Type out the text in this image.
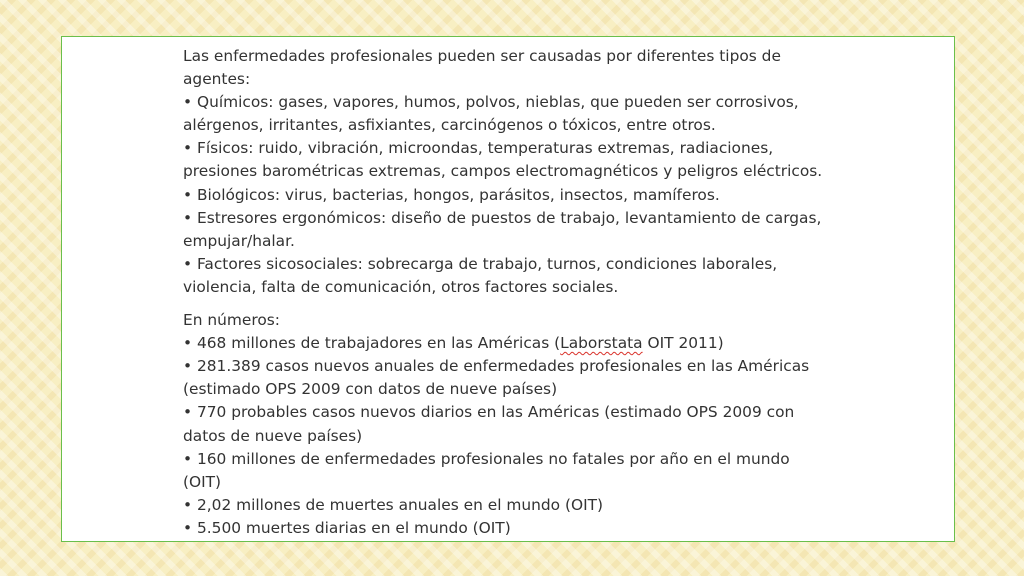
Las enfermedades profesionales pueden ser causadas por diferentes tipos de
agentes:
• Químicos: gases, vapores, humos, polvos, nieblas, que pueden ser corrosivos,
alérgenos, irritantes, asfixiantes, carcinógenos o tóxicos, entre otros.
• Físicos: ruido, vibración, microondas, temperaturas extremas, radiaciones,
presiones barométricas extremas, campos electromagnéticos y peligros eléctricos.
• Biológicos: virus, bacterias, hongos, parásitos, insectos, mamíferos.
• Estresores ergonómicos: diseño de puestos de trabajo, levantamiento de cargas,
empujar/halar.
• Factores sicosociales: sobrecarga de trabajo, turnos, condiciones laborales,
violencia, falta de comunicación, otros factores sociales.

En números:
• 468 millones de trabajadores en las Américas (Laborstata OIT 2011)
• 281.389 casos nuevos anuales de enfermedades profesionales en las Américas
(estimado OPS 2009 con datos de nueve países)
• 770 probables casos nuevos diarios en las Américas (estimado OPS 2009 con
datos de nueve países)
• 160 millones de enfermedades profesionales no fatales por año en el mundo
(OIT)
• 2,02 millones de muertes anuales en el mundo (OIT)
• 5.500 muertes diarias en el mundo (OIT)
